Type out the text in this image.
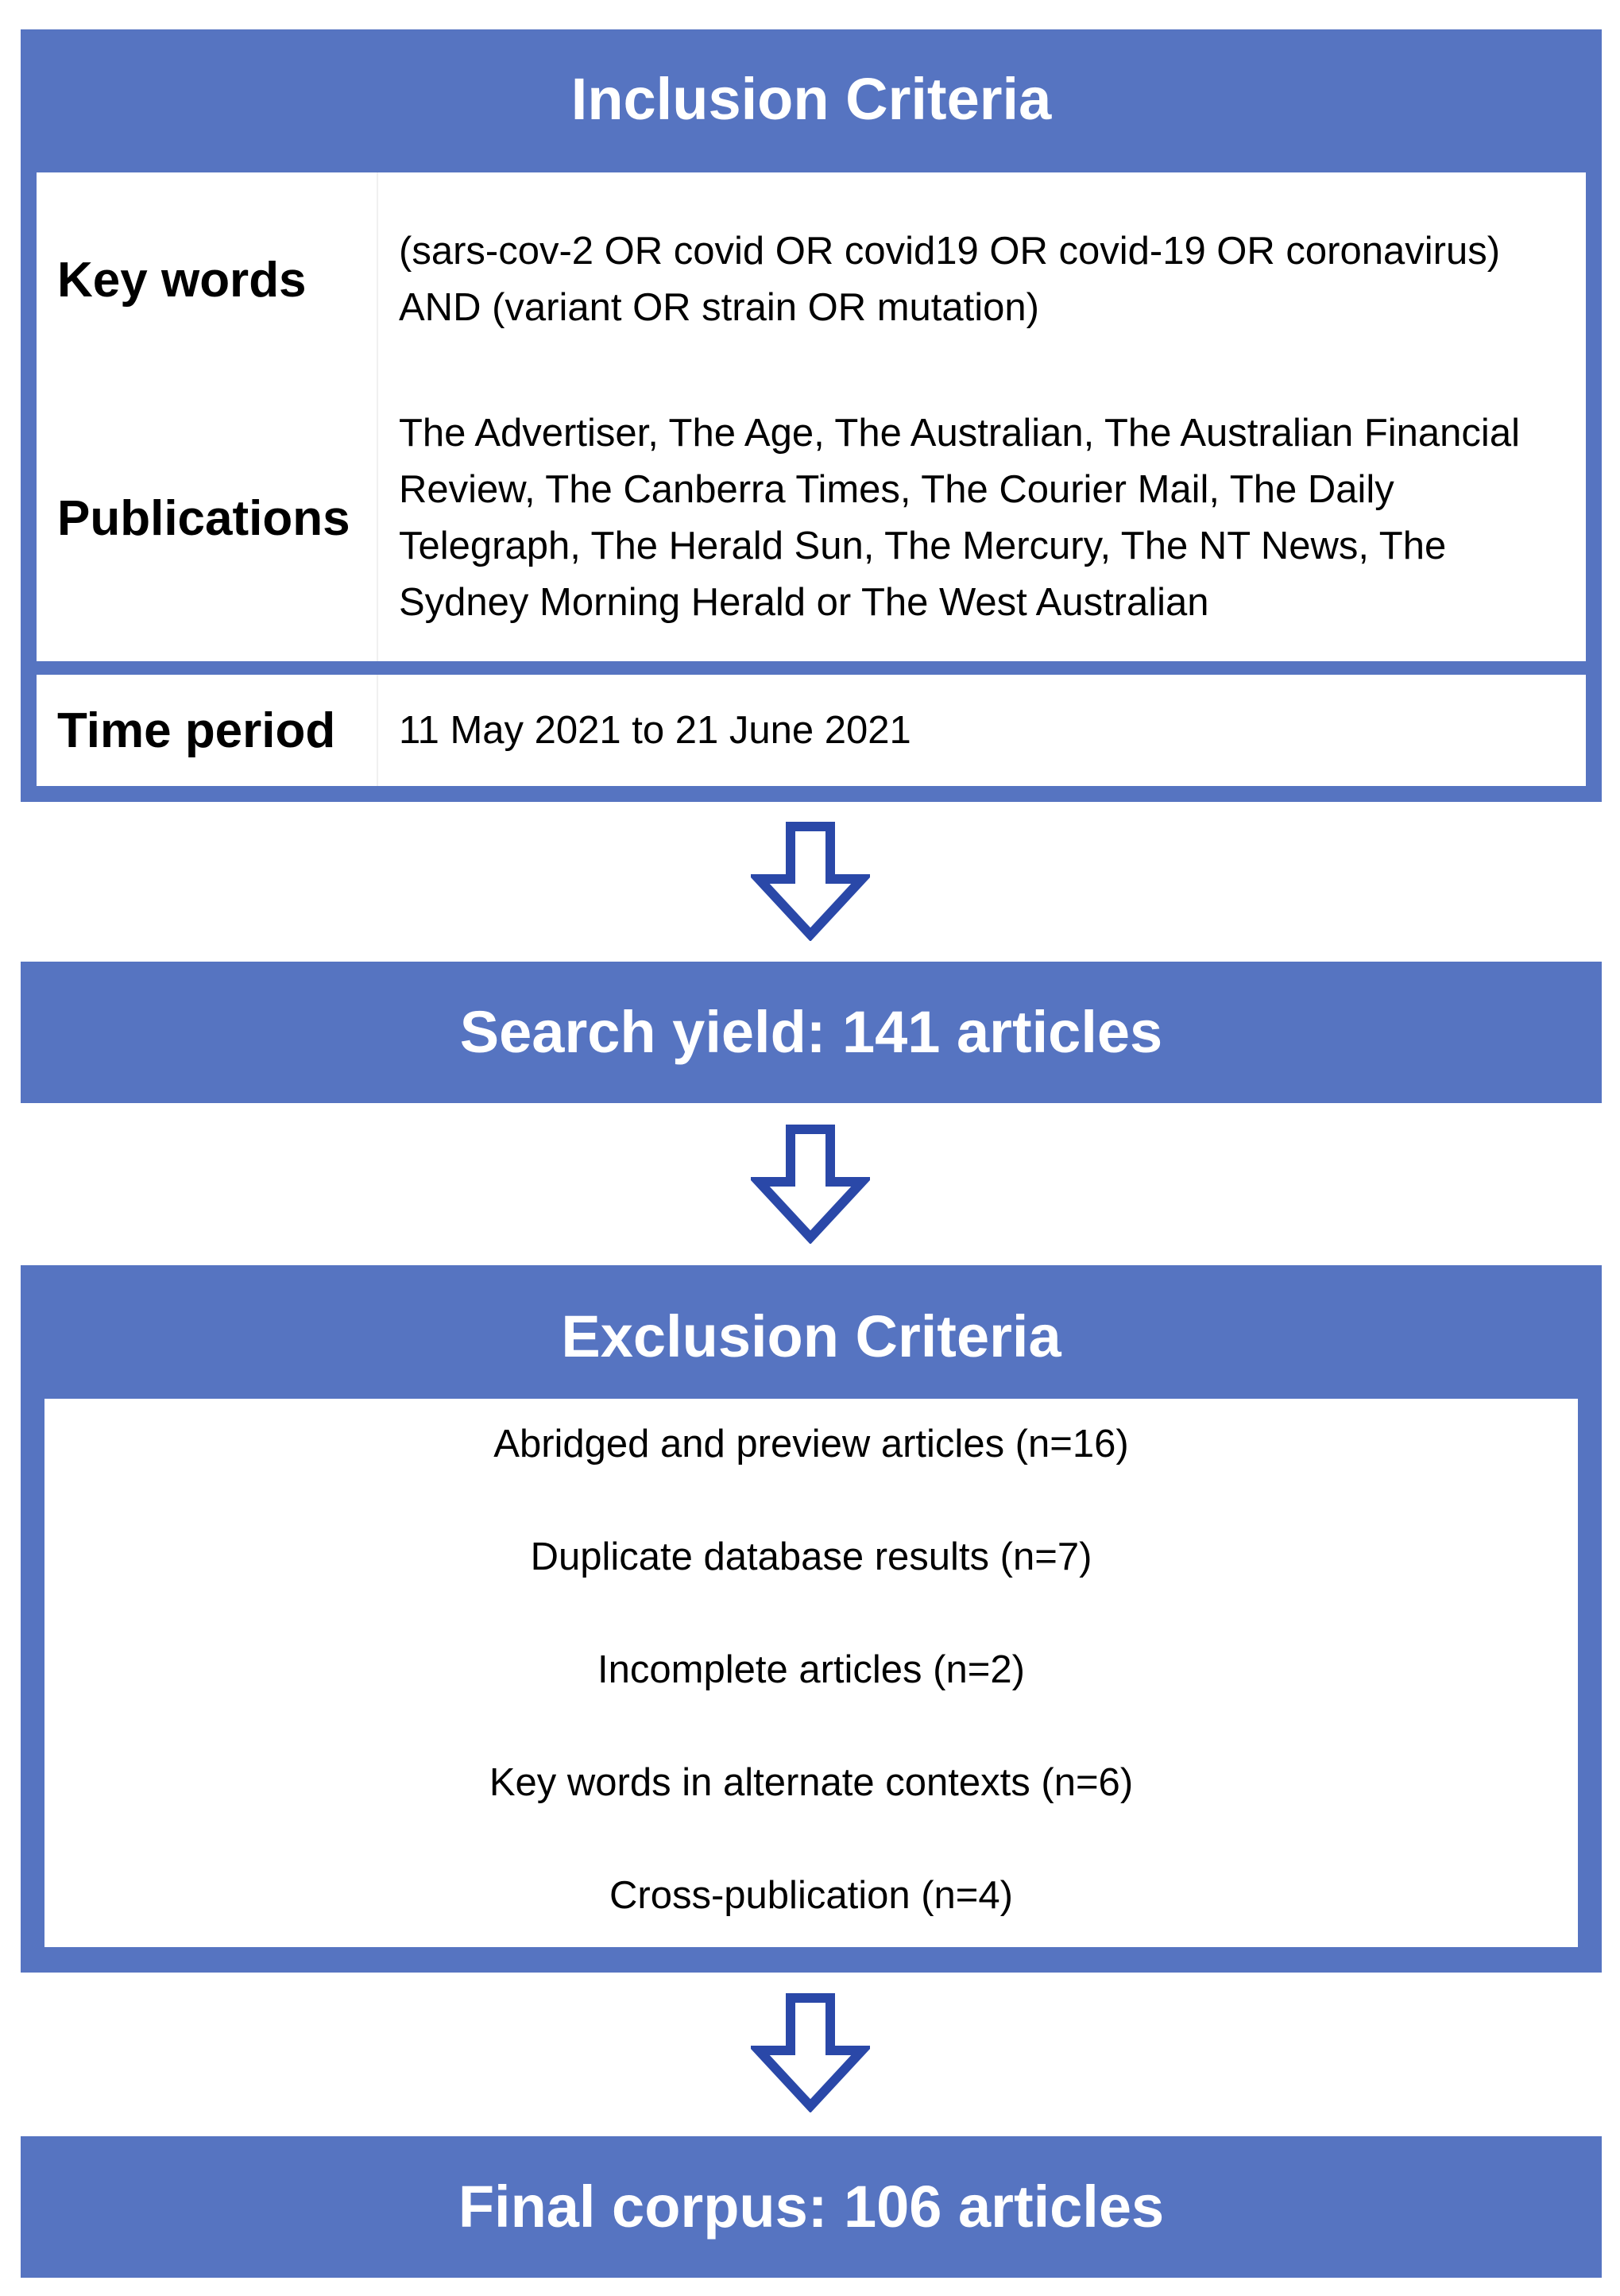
Inclusion Criteria
Key words
(sars-cov-2 OR covid OR covid19 OR covid-19 OR coronavirus) AND (variant OR strain OR mutation)
Publications
The Advertiser, The Age, The Australian, The Australian Financial Review, The Canberra Times, The Courier Mail, The Daily Telegraph, The Herald Sun, The Mercury, The NT News, The Sydney Morning Herald or The West Australian
Time period	11 May 2021 to 21 June 2021
Search yield: 141 articles
Exclusion Criteria
Abridged and preview articles (n=16)
Duplicate database results (n=7)
Incomplete articles (n=2)
Key words in alternate contexts (n=6)
Cross-publication (n=4)
Final corpus: 106 articles
